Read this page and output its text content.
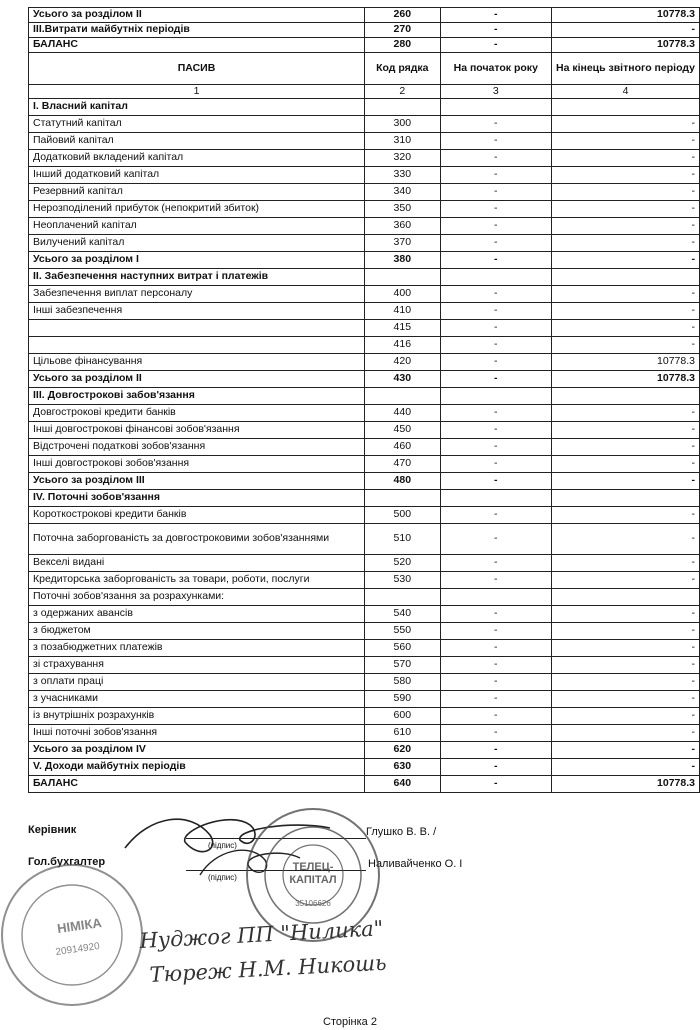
Усього за розділом II	260	-	10778.3
III.Витрати майбутніх періодів	270	-	-
БАЛАНС	280	-	10778.3
ПАСИВ	Код рядка	На початок року	На кінець звітного періоду
1	2	3	4
I. Власний капітал			
Статутний капітал	300	-	-
Пайовий капітал	310	-	-
Додатковий вкладений капітал	320	-	-
Інший додатковий капітал	330	-	-
Резервний капітал	340	-	-
Нерозподілений прибуток (непокритий збиток)	350	-	-
Неоплачений капітал	360	-	-
Вилучений капітал	370	-	-
Усього за розділом I	380	-	-
II. Забезпечення наступних витрат і платежів			
Забезпечення виплат персоналу	400	-	-
Інші забезпечення	410	-	-
	415	-	-
	416	-	-
Цільове фінансування	420	-	10778.3
Усього за розділом II	430	-	10778.3
III. Довгострокові забов'язання			
Довгострокові кредити банків	440	-	-
Інші довгострокові фінансові зобов'язання	450	-	-
Відстрочені податкові зобов'язання	460	-	-
Інші довгострокові зобов'язання	470	-	-
Усього за розділом III	480	-	-
IV. Поточні зобов'язання			
Короткострокові кредити банків	500	-	-
Поточна заборгованість за довгостроковими зобов'язаннями	510	-	-
Векселі видані	520	-	-
Кредиторська заборгованість за товари, роботи, послуги	530	-	-
Поточні зобов'язання за розрахунками:			
з одержаних авансів	540	-	-
з бюджетом	550	-	-
з позабюджетних платежів	560	-	-
зі страхування	570	-	-
з оплати праці	580	-	-
з учасниками	590	-	-
із внутрішніх розрахунків	600	-	-
Інші поточні зобов'язання	610	-	-
Усього за розділом IV	620	-	-
V. Доходи майбутніх періодів	630	-	-
БАЛАНС	640	-	10778.3
Керівник
(підпис)
Глушко В. В. /
Гол.бухгалтер
(підпис)
Наливайченко О. І
ТЕЛЕЦ-
КАПІТАЛ
35106626
НІМІКА
20914920 Нуджог ПП "Нилика"
Тюреж Н.М. Никошь
Сторінка 2
